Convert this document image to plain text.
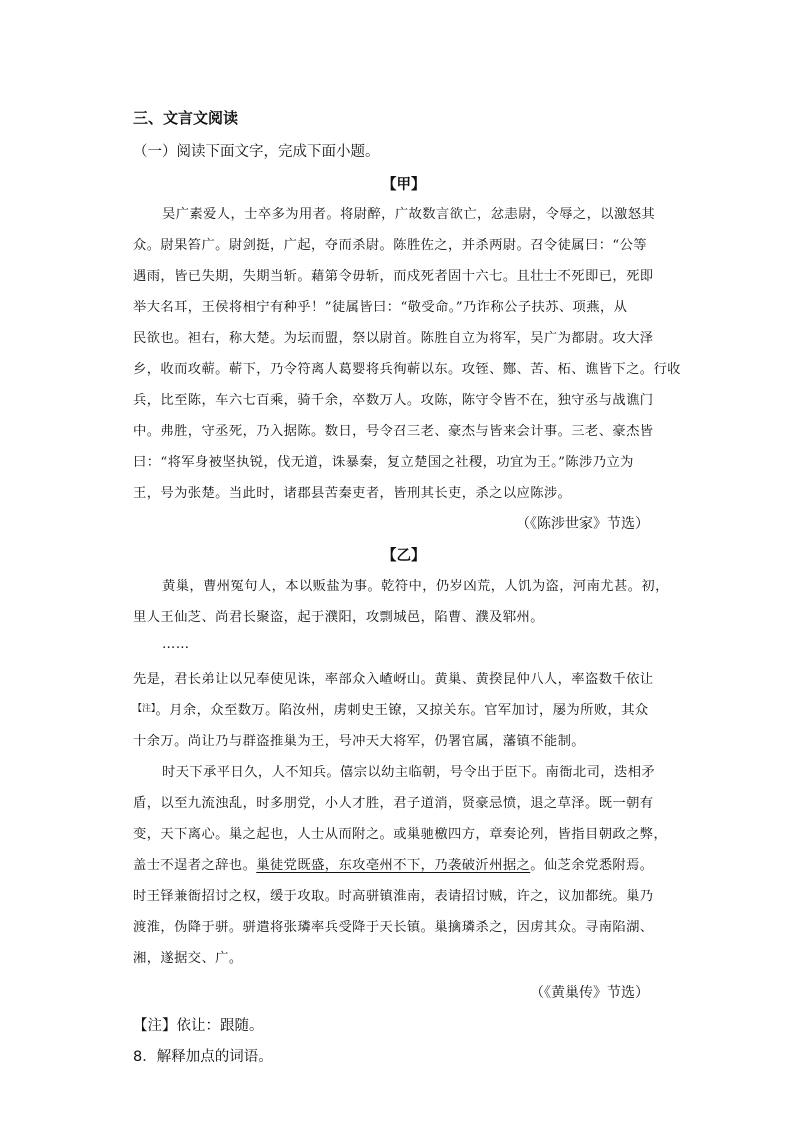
三、文言文阅读
（一）阅读下面文字，完成下面小题。
【甲】
吴广素爱人，士卒多为用者。将尉醉，广故数言欲亡，忿恚尉，令辱之，以激怒其
众。尉果笞广。尉剑挺，广起，夺而杀尉。陈胜佐之，并杀两尉。召令徒属曰：“公等
遇雨，皆已失期，失期当斩。藉第令毋斩，而戍死者固十六七。且壮士不死即已，死即
举大名耳，王侯将相宁有种乎！”徒属皆曰：“敬受命。”乃诈称公子扶苏、项燕，从
民欲也。袒右，称大楚。为坛而盟，祭以尉首。陈胜自立为将军，吴广为都尉。攻大泽
乡，收而攻蕲。蕲下，乃令符离人葛婴将兵徇蕲以东。攻铚、酂、苦、柘、谯皆下之。行收
兵，比至陈，车六七百乘，骑千余，卒数万人。攻陈，陈守令皆不在，独守丞与战谯门
中。弗胜，守丞死，乃入据陈。数日，号令召三老、豪杰与皆来会计事。三老、豪杰皆
曰：“将军身被坚执锐，伐无道，诛暴秦，复立楚国之社稷，功宜为王。”陈涉乃立为
王，号为张楚。当此时，诸郡县苦秦吏者，皆刑其长吏，杀之以应陈涉。
（《陈涉世家》节选）
【乙】
黄巢，曹州冤句人，本以贩盐为事。乾符中，仍岁凶荒，人饥为盗，河南尤甚。初，
里人王仙芝、尚君长聚盗，起于濮阳，攻剽城邑，陷曹、濮及郓州。
……
先是，君长弟让以兄奉使见诛，率部众入嵖岈山。黄巢、黄揆昆仲八人，率盗数千依让
$^{【注】}$。月余，众至数万。陷汝州，虏刺史王镣，又掠关东。官军加讨，屡为所败，其众
十余万。尚让乃与群盗推巢为王，号冲天大将军，仍署官属，藩镇不能制。
时天下承平日久，人不知兵。僖宗以幼主临朝，号令出于臣下。南衙北司，迭相矛
盾，以至九流浊乱，时多朋党，小人才胜，君子道消，贤豪忌愤，退之草泽。既一朝有
变，天下离心。巢之起也，人士从而附之。或巢驰檄四方，章奏论列，皆指目朝政之弊，
盖士不逞者之辞也。巢徒党既盛，东攻亳州不下，乃袭破沂州据之。仙芝余党悉附焉。
时王铎兼衙招讨之权，缓于攻取。时高骈镇淮南，表请招讨贼，许之，议加都统。巢乃
渡淮，伪降于骈。骈遣将张璘率兵受降于天长镇。巢擒璘杀之，因虏其众。寻南陷湖、
湘，遂据交、广。
（《黄巢传》节选）
【注】依让：跟随。
8．解释加点的词语。
